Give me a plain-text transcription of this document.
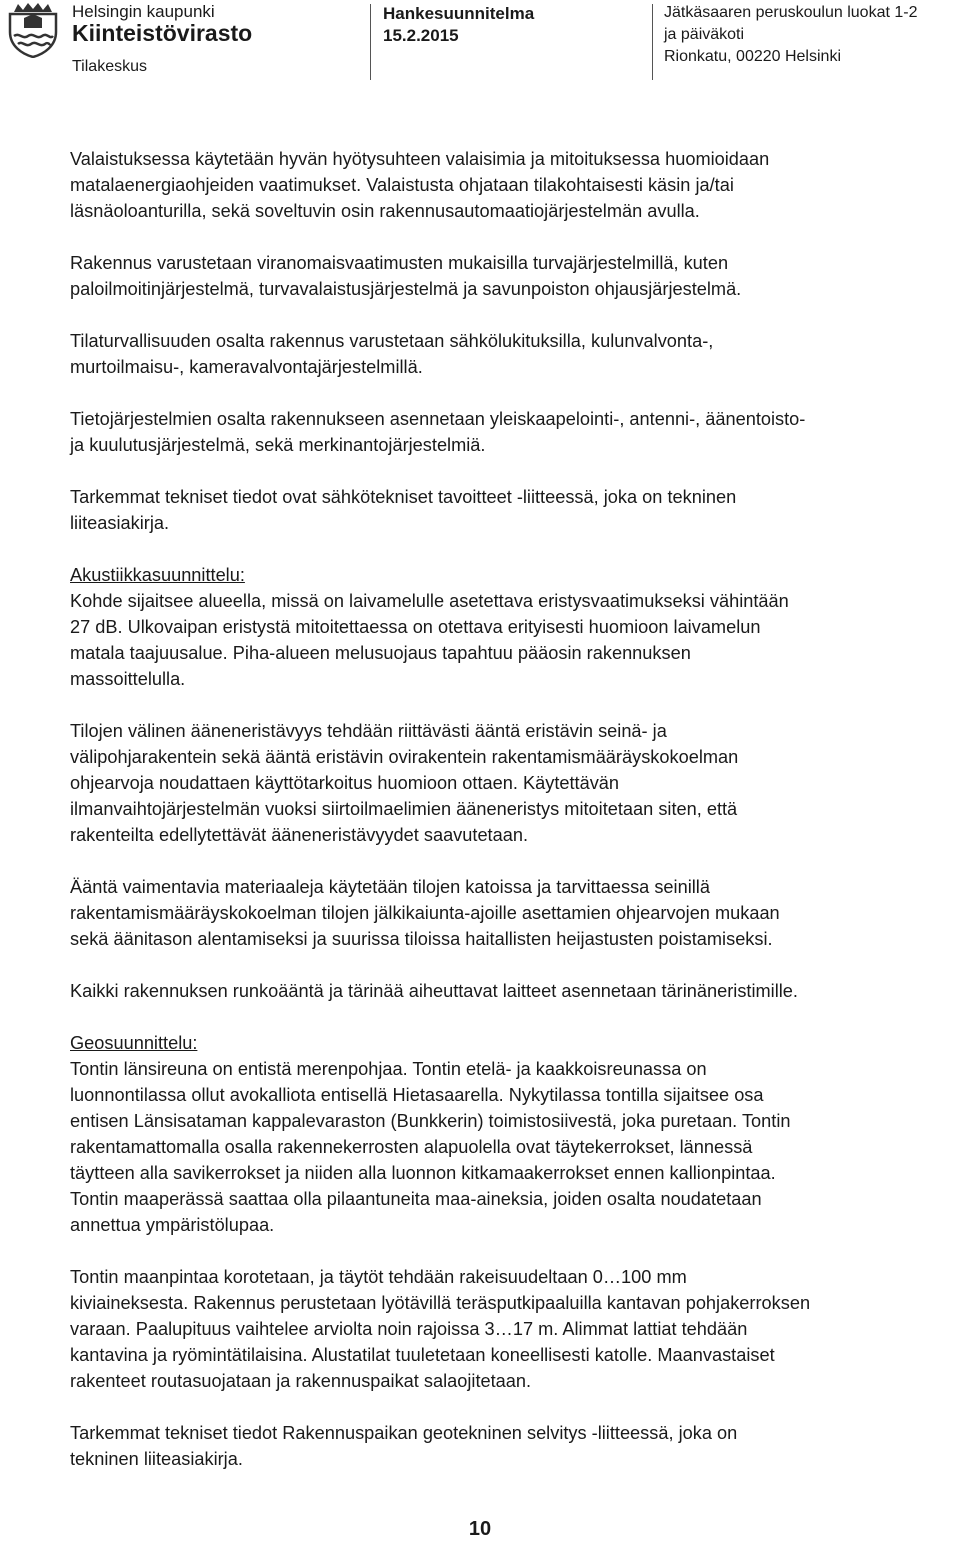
Helsingin kaupunki
Kiinteistövirasto
Tilakeskus
Hankesuunnitelma
15.2.2015
Jätkäsaaren peruskoulun luokat 1-2
ja päiväkoti
Rionkatu, 00220 Helsinki

Valaistuksessa käytetään hyvän hyötysuhteen valaisimia ja mitoituksessa huomioidaan

matalaenergiaohjeiden vaatimukset. Valaistusta ohjataan tilakohtaisesti käsin ja/tai

läsnäoloanturilla, sekä soveltuvin osin rakennusautomaatiojärjestelmän avulla.

Rakennus varustetaan viranomaisvaatimusten mukaisilla turvajärjestelmillä, kuten

paloilmoitinjärjestelmä, turvavalaistusjärjestelmä ja savunpoiston ohjausjärjestelmä.

Tilaturvallisuuden osalta rakennus varustetaan sähkölukituksilla, kulunvalvonta-,

murtoilmaisu-, kameravalvontajärjestelmillä.

Tietojärjestelmien osalta rakennukseen asennetaan yleiskaapelointi-, antenni-, äänentoisto-

ja kuulutusjärjestelmä, sekä merkinantojärjestelmiä.

Tarkemmat tekniset tiedot ovat sähkötekniset tavoitteet -liitteessä, joka on tekninen

liiteasiakirja.

Akustiikkasuunnittelu:

Kohde sijaitsee alueella, missä on laivamelulle asetettava eristysvaatimukseksi vähintään

27 dB. Ulkovaipan eristystä mitoitettaessa on otettava erityisesti huomioon laivamelun

matala taajuusalue. Piha-alueen melusuojaus tapahtuu pääosin rakennuksen

massoittelulla.

Tilojen välinen ääneneristävyys tehdään riittävästi ääntä eristävin seinä- ja

välipohjarakentein sekä ääntä eristävin ovirakentein rakentamismääräyskokoelman

ohjearvoja noudattaen käyttötarkoitus huomioon ottaen. Käytettävän

ilmanvaihtojärjestelmän vuoksi siirtoilmaelimien ääneneristys mitoitetaan siten, että

rakenteilta edellytettävät ääneneristävyydet saavutetaan.

Ääntä vaimentavia materiaaleja käytetään tilojen katoissa ja tarvittaessa seinillä

rakentamismääräyskokoelman tilojen jälkikaiunta-ajoille asettamien ohjearvojen mukaan

sekä äänitason alentamiseksi ja suurissa tiloissa haitallisten heijastusten poistamiseksi.

Kaikki rakennuksen runkoääntä ja tärinää aiheuttavat laitteet asennetaan tärinäneristimille.

Geosuunnittelu:

Tontin länsireuna on entistä merenpohjaa. Tontin etelä- ja kaakkoisreunassa on

luonnontilassa ollut avokalliota entisellä Hietasaarella. Nykytilassa tontilla sijaitsee osa

entisen Länsisataman kappalevaraston (Bunkkerin) toimistosiivestä, joka puretaan. Tontin

rakentamattomalla osalla rakennekerrosten alapuolella ovat täytekerrokset, lännessä

täytteen alla savikerrokset ja niiden alla luonnon kitkamaakerrokset ennen kallionpintaa.

Tontin maaperässä saattaa olla pilaantuneita maa-aineksia, joiden osalta noudatetaan

annettua ympäristölupaa.

Tontin maanpintaa korotetaan, ja täytöt tehdään rakeisuudeltaan 0…100 mm

kiviaineksesta. Rakennus perustetaan lyötävillä teräsputkipaaluilla kantavan pohjakerroksen

varaan. Paalupituus vaihtelee arviolta noin rajoissa 3…17 m. Alimmat lattiat tehdään

kantavina ja ryömintätilaisina. Alustatilat tuuletetaan koneellisesti katolle. Maanvastaiset

rakenteet routasuojataan ja rakennuspaikat salaojitetaan.

Tarkemmat tekniset tiedot Rakennuspaikan geotekninen selvitys -liitteessä, joka on

tekninen liiteasiakirja.

10
